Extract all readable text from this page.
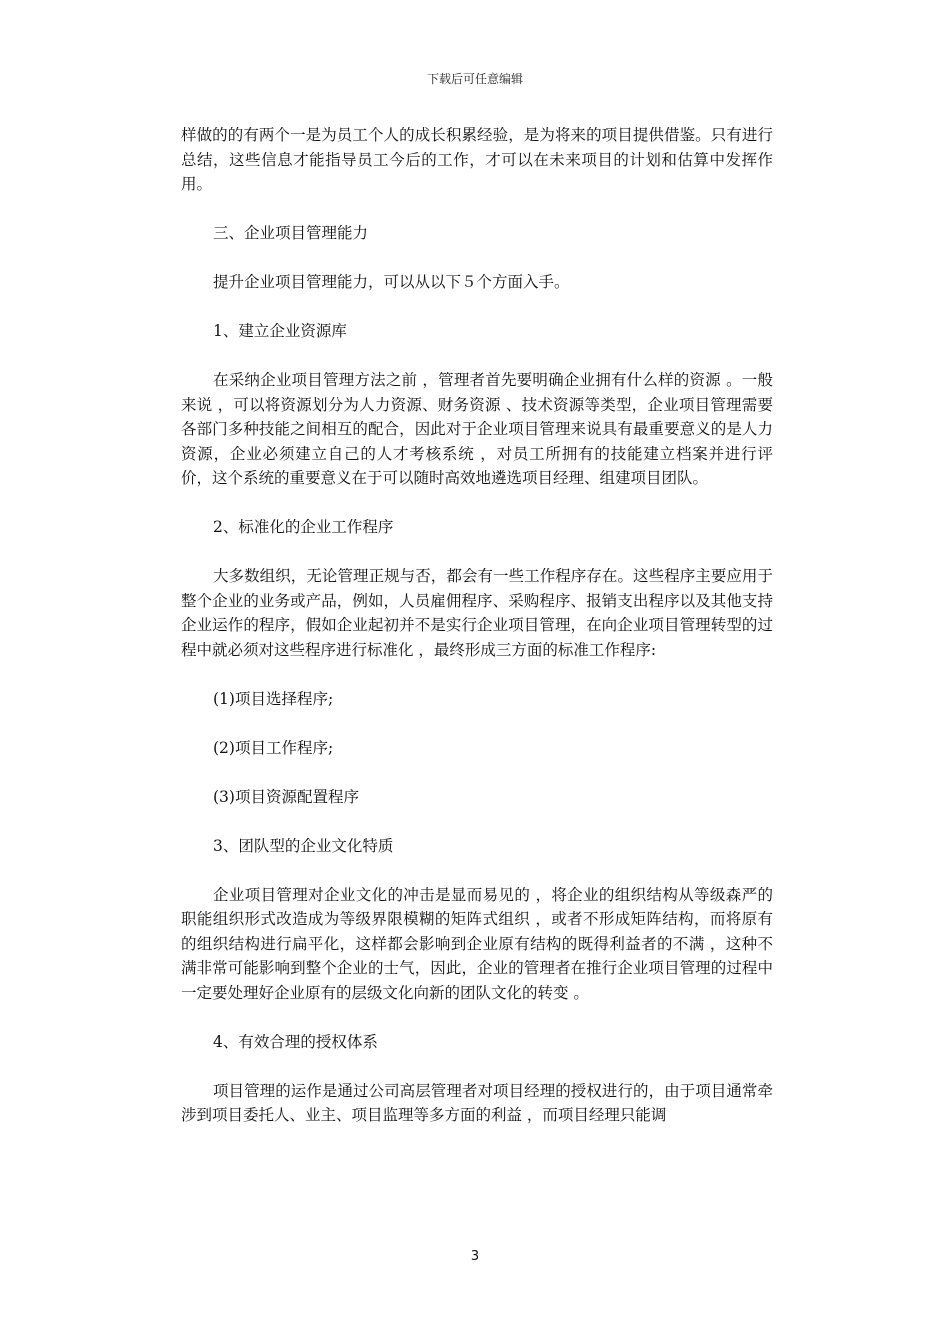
下载后可任意编辑

样做的的有两个一是为员工个人的成长积累经验，是为将来的项目提供借鉴。只有进行总结，这些信息才能指导员工今后的工作，才可以在未来项目的计划和估算中发挥作用。

三、企业项目管理能力

提升企业项目管理能力，可以从以下５个方面入手。

1、建立企业资源库

在采纳企业项目管理方法之前 ，管理者首先要明确企业拥有什么样的资源 。一般来说 ，可以将资源划分为人力资源、财务资源 、技术资源等类型，企业项目管理需要各部门多种技能之间相互的配合，因此对于企业项目管理来说具有最重要意义的是人力资源，企业必须建立自己的人才考核系统 ，对员工所拥有的技能建立档案并进行评价，这个系统的重要意义在于可以随时高效地遴选项目经理、组建项目团队。

2、标准化的企业工作程序

大多数组织，无论管理正规与否，都会有一些工作程序存在。这些程序主要应用于整个企业的业务或产品，例如，人员雇佣程序、采购程序、报销支出程序以及其他支持企业运作的程序，假如企业起初并不是实行企业项目管理，在向企业项目管理转型的过程中就必须对这些程序进行标准化 ，最终形成三方面的标准工作程序:

(1)项目选择程序;

(2)项目工作程序;

(3)项目资源配置程序

3、团队型的企业文化特质

企业项目管理对企业文化的冲击是显而易见的 ，将企业的组织结构从等级森严的职能组织形式改造成为等级界限模糊的矩阵式组织 ，或者不形成矩阵结构，而将原有的组织结构进行扁平化，这样都会影响到企业原有结构的既得利益者的不满 ，这种不满非常可能影响到整个企业的士气，因此，企业的管理者在推行企业项目管理的过程中一定要处理好企业原有的层级文化向新的团队文化的转变 。

4、有效合理的授权体系

项目管理的运作是通过公司高层管理者对项目经理的授权进行的，由于项目通常牵涉到项目委托人、业主、项目监理等多方面的利益 ，而项目经理只能调

3
